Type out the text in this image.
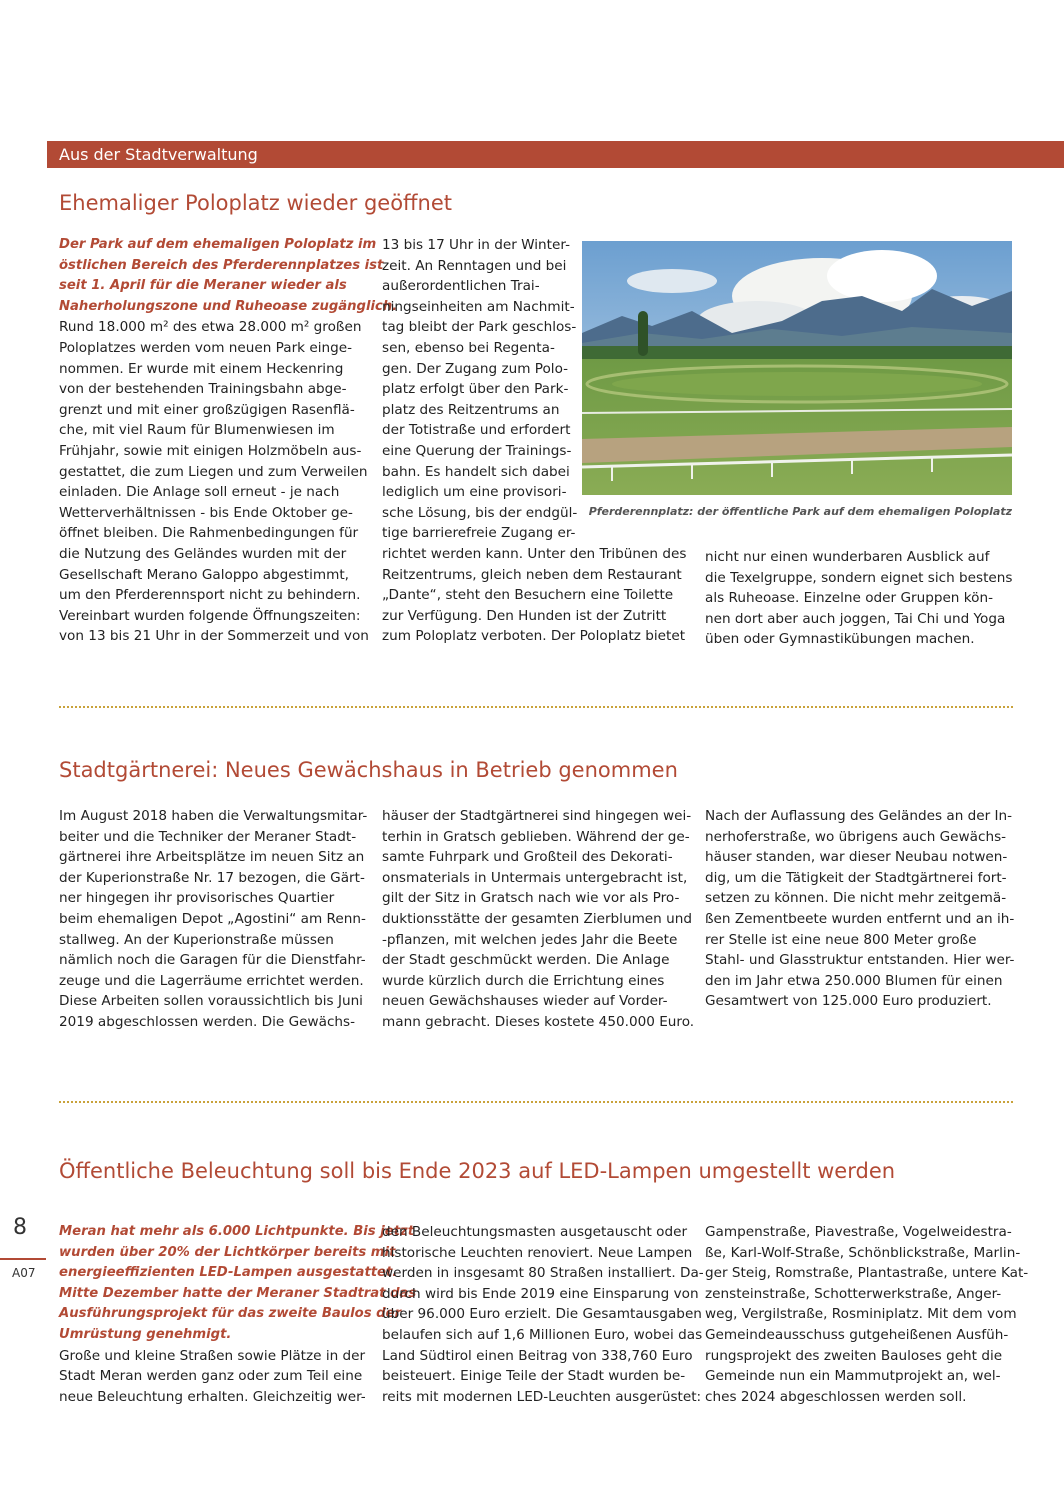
Aus der Stadtverwaltung
Ehemaliger Poloplatz wieder geöffnet
Stadtgärtnerei: Neues Gewächshaus in Betrieb genommen
Öffentliche Beleuchtung soll bis Ende 2023 auf LED-Lampen umgestellt werden

Pferderennplatz: der öffentliche Park auf dem ehemaligen Poloplatz

Der Park auf dem ehemaligen Poloplatz im

östlichen Bereich des Pferderennplatzes ist

seit 1. April für die Meraner wieder als

Naherholungszone und Ruheoase zugänglich.

Rund 18.000 m² des etwa 28.000 m² großen

Poloplatzes werden vom neuen Park einge-

nommen. Er wurde mit einem Heckenring

von der bestehenden Trainingsbahn abge-

grenzt und mit einer großzügigen Rasenflä-

che, mit viel Raum für Blumenwiesen im

Frühjahr, sowie mit einigen Holzmöbeln aus-

gestattet, die zum Liegen und zum Verweilen

einladen. Die Anlage soll erneut - je nach

Wetterverhältnissen - bis Ende Oktober ge-

öffnet bleiben. Die Rahmenbedingungen für

die Nutzung des Geländes wurden mit der

Gesellschaft Merano Galoppo abgestimmt,

um den Pferderennsport nicht zu behindern.

Vereinbart wurden folgende Öffnungszeiten:

von 13 bis 21 Uhr in der Sommerzeit und von

13 bis 17 Uhr in der Winter-

zeit. An Renntagen und bei

außerordentlichen Trai-

ningseinheiten am Nachmit-

tag bleibt der Park geschlos-

sen, ebenso bei Regenta-

gen. Der Zugang zum Polo-

platz erfolgt über den Park-

platz des Reitzentrums an

der Totistraße und erfordert

eine Querung der Trainings-

bahn. Es handelt sich dabei

lediglich um eine provisori-

sche Lösung, bis der endgül-

tige barrierefreie Zugang er-

richtet werden kann. Unter den Tribünen des

Reitzentrums, gleich neben dem Restaurant

„Dante“, steht den Besuchern eine Toilette

zur Verfügung. Den Hunden ist der Zutritt

zum Poloplatz verboten. Der Poloplatz bietet

nicht nur einen wunderbaren Ausblick auf

die Texelgruppe, sondern eignet sich bestens

als Ruheoase. Einzelne oder Gruppen kön-

nen dort aber auch joggen, Tai Chi und Yoga

üben oder Gymnastikübungen machen.

Im August 2018 haben die Verwaltungsmitar-

beiter und die Techniker der Meraner Stadt-

gärtnerei ihre Arbeitsplätze im neuen Sitz an

der Kuperionstraße Nr. 17 bezogen, die Gärt-

ner hingegen ihr provisorisches Quartier

beim ehemaligen Depot „Agostini“ am Renn-

stallweg. An der Kuperionstraße müssen

nämlich noch die Garagen für die Dienstfahr-

zeuge und die Lagerräume errichtet werden.

Diese Arbeiten sollen voraussichtlich bis Juni

2019 abgeschlossen werden. Die Gewächs-

häuser der Stadtgärtnerei sind hingegen wei-

terhin in Gratsch geblieben. Während der ge-

samte Fuhrpark und Großteil des Dekorati-

onsmaterials in Untermais untergebracht ist,

gilt der Sitz in Gratsch nach wie vor als Pro-

duktionsstätte der gesamten Zierblumen und

-pflanzen, mit welchen jedes Jahr die Beete

der Stadt geschmückt werden. Die Anlage

wurde kürzlich durch die Errichtung eines

neuen Gewächshauses wieder auf Vorder-

mann gebracht. Dieses kostete 450.000 Euro.

Nach der Auflassung des Geländes an der In-

nerhoferstraße, wo übrigens auch Gewächs-

häuser standen, war dieser Neubau notwen-

dig, um die Tätigkeit der Stadtgärtnerei fort-

setzen zu können. Die nicht mehr zeitgemä-

ßen Zementbeete wurden entfernt und an ih-

rer Stelle ist eine neue 800 Meter große

Stahl- und Glasstruktur entstanden. Hier wer-

den im Jahr etwa 250.000 Blumen für einen

Gesamtwert von 125.000 Euro produziert.

Meran hat mehr als 6.000 Lichtpunkte. Bis jetzt

wurden über 20% der Lichtkörper bereits mit

energieeffizienten LED-Lampen ausgestattet.

Mitte Dezember hatte der Meraner Stadtrat das

Ausführungsprojekt für das zweite Baulos der

Umrüstung genehmigt.

Große und kleine Straßen sowie Plätze in der

Stadt Meran werden ganz oder zum Teil eine

neue Beleuchtung erhalten. Gleichzeitig wer-

den Beleuchtungsmasten ausgetauscht oder

historische Leuchten renoviert. Neue Lampen

werden in insgesamt 80 Straßen installiert. Da-

durch wird bis Ende 2019 eine Einsparung von

über 96.000 Euro erzielt. Die Gesamtausgaben

belaufen sich auf 1,6 Millionen Euro, wobei das

Land Südtirol einen Beitrag von 338,760 Euro

beisteuert. Einige Teile der Stadt wurden be-

reits mit modernen LED-Leuchten ausgerüstet:

Gampenstraße, Piavestraße, Vogelweidestra-

ße, Karl-Wolf-Straße, Schönblickstraße, Marlin-

ger Steig, Romstraße, Plantastraße, untere Kat-

zensteinstraße, Schotterwerkstraße, Anger-

weg, Vergilstraße, Rosminiplatz. Mit dem vom

Gemeindeausschuss gutgeheißenen Ausfüh-

rungsprojekt des zweiten Bauloses geht die

Gemeinde nun ein Mammutprojekt an, wel-

ches 2024 abgeschlossen werden soll.

8

A07
